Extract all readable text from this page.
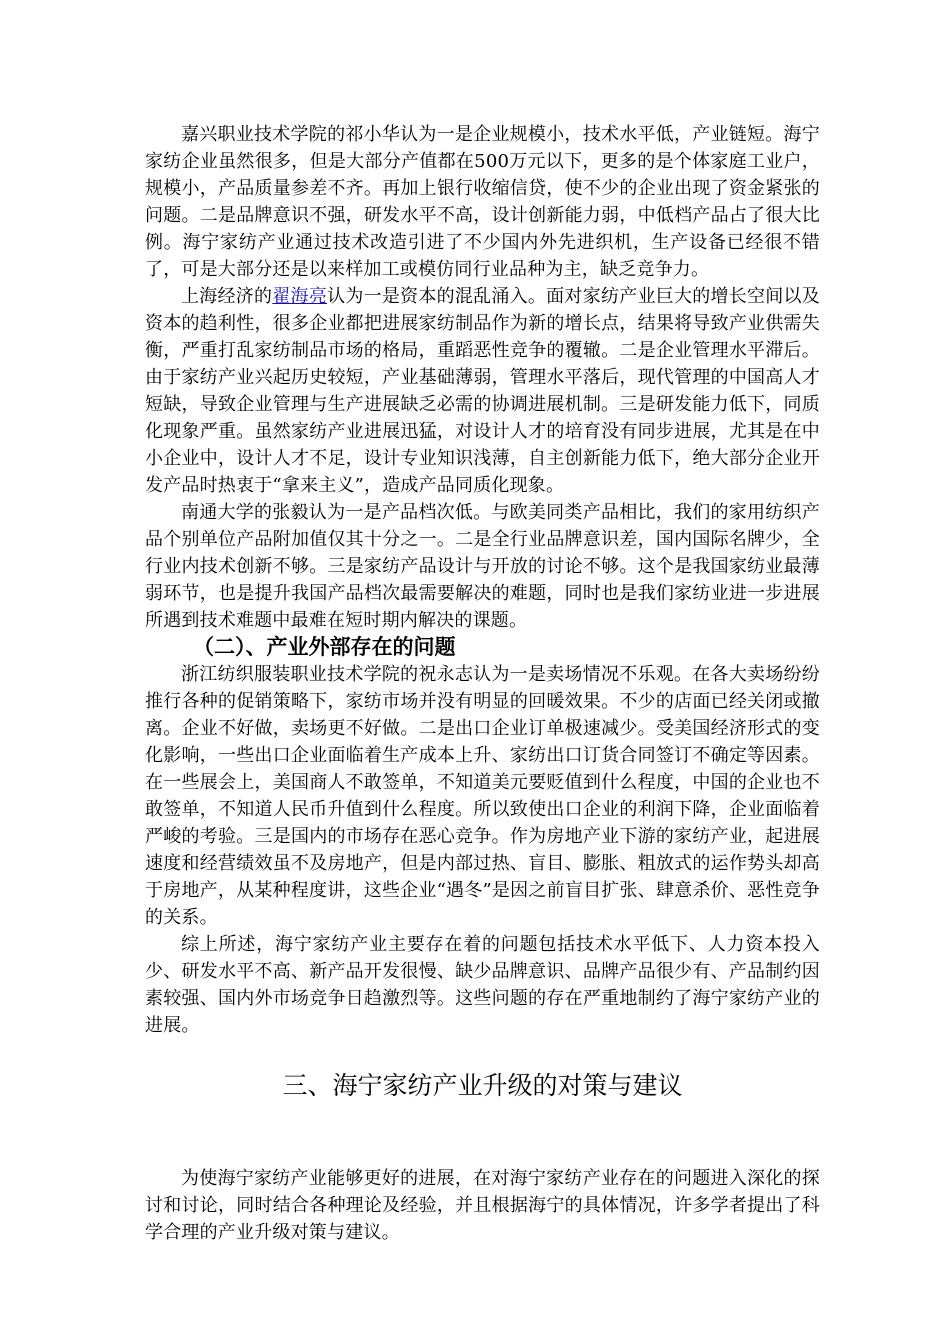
嘉兴职业技术学院的祁小华认为一是企业规模小，技术水平低，产业链短。海宁家纺企业虽然很多，但是大部分产值都在500万元以下，更多的是个体家庭工业户，规模小，产品质量参差不齐。再加上银行收缩信贷，使不少的企业出现了资金紧张的问题。二是品牌意识不强，研发水平不高，设计创新能力弱，中低档产品占了很大比例。海宁家纺产业通过技术改造引进了不少国内外先进织机，生产设备已经很不错了，可是大部分还是以来样加工或模仿同行业品种为主，缺乏竞争力。

上海经济的翟海亮认为一是资本的混乱涌入。面对家纺产业巨大的增长空间以及资本的趋利性，很多企业都把进展家纺制品作为新的增长点，结果将导致产业供需失衡，严重打乱家纺制品市场的格局，重蹈恶性竞争的覆辙。二是企业管理水平滞后。由于家纺产业兴起历史较短，产业基础薄弱，管理水平落后，现代管理的中国高人才短缺，导致企业管理与生产进展缺乏必需的协调进展机制。三是研发能力低下，同质化现象严重。虽然家纺产业进展迅猛，对设计人才的培育没有同步进展，尤其是在中小企业中，设计人才不足，设计专业知识浅薄，自主创新能力低下，绝大部分企业开发产品时热衷于“拿来主义”，造成产品同质化现象。

南通大学的张毅认为一是产品档次低。与欧美同类产品相比，我们的家用纺织产品个别单位产品附加值仅其十分之一。二是全行业品牌意识差，国内国际名牌少，全行业内技术创新不够。三是家纺产品设计与开放的讨论不够。这个是我国家纺业最薄弱环节，也是提升我国产品档次最需要解决的难题，同时也是我们家纺业进一步进展所遇到技术难题中最难在短时期内解决的课题。

（二）、产业外部存在的问题

浙江纺织服装职业技术学院的祝永志认为一是卖场情况不乐观。在各大卖场纷纷推行各种的促销策略下，家纺市场并没有明显的回暖效果。不少的店面已经关闭或撤离。企业不好做，卖场更不好做。二是出口企业订单极速减少。受美国经济形式的变化影响，一些出口企业面临着生产成本上升、家纺出口订货合同签订不确定等因素。在一些展会上，美国商人不敢签单，不知道美元要贬值到什么程度，中国的企业也不敢签单，不知道人民币升值到什么程度。所以致使出口企业的利润下降，企业面临着严峻的考验。三是国内的市场存在恶心竞争。作为房地产业下游的家纺产业，起进展速度和经营绩效虽不及房地产，但是内部过热、盲目、膨胀、粗放式的运作势头却高于房地产，从某种程度讲，这些企业“遇冬”是因之前盲目扩张、肆意杀价、恶性竞争的关系。

综上所述，海宁家纺产业主要存在着的问题包括技术水平低下、人力资本投入少、研发水平不高、新产品开发很慢、缺少品牌意识、品牌产品很少有、产品制约因素较强、国内外市场竞争日趋激烈等。这些问题的存在严重地制约了海宁家纺产业的进展。

三、海宁家纺产业升级的对策与建议

为使海宁家纺产业能够更好的进展，在对海宁家纺产业存在的问题进入深化的探讨和讨论，同时结合各种理论及经验，并且根据海宁的具体情况，许多学者提出了科学合理的产业升级对策与建议。
